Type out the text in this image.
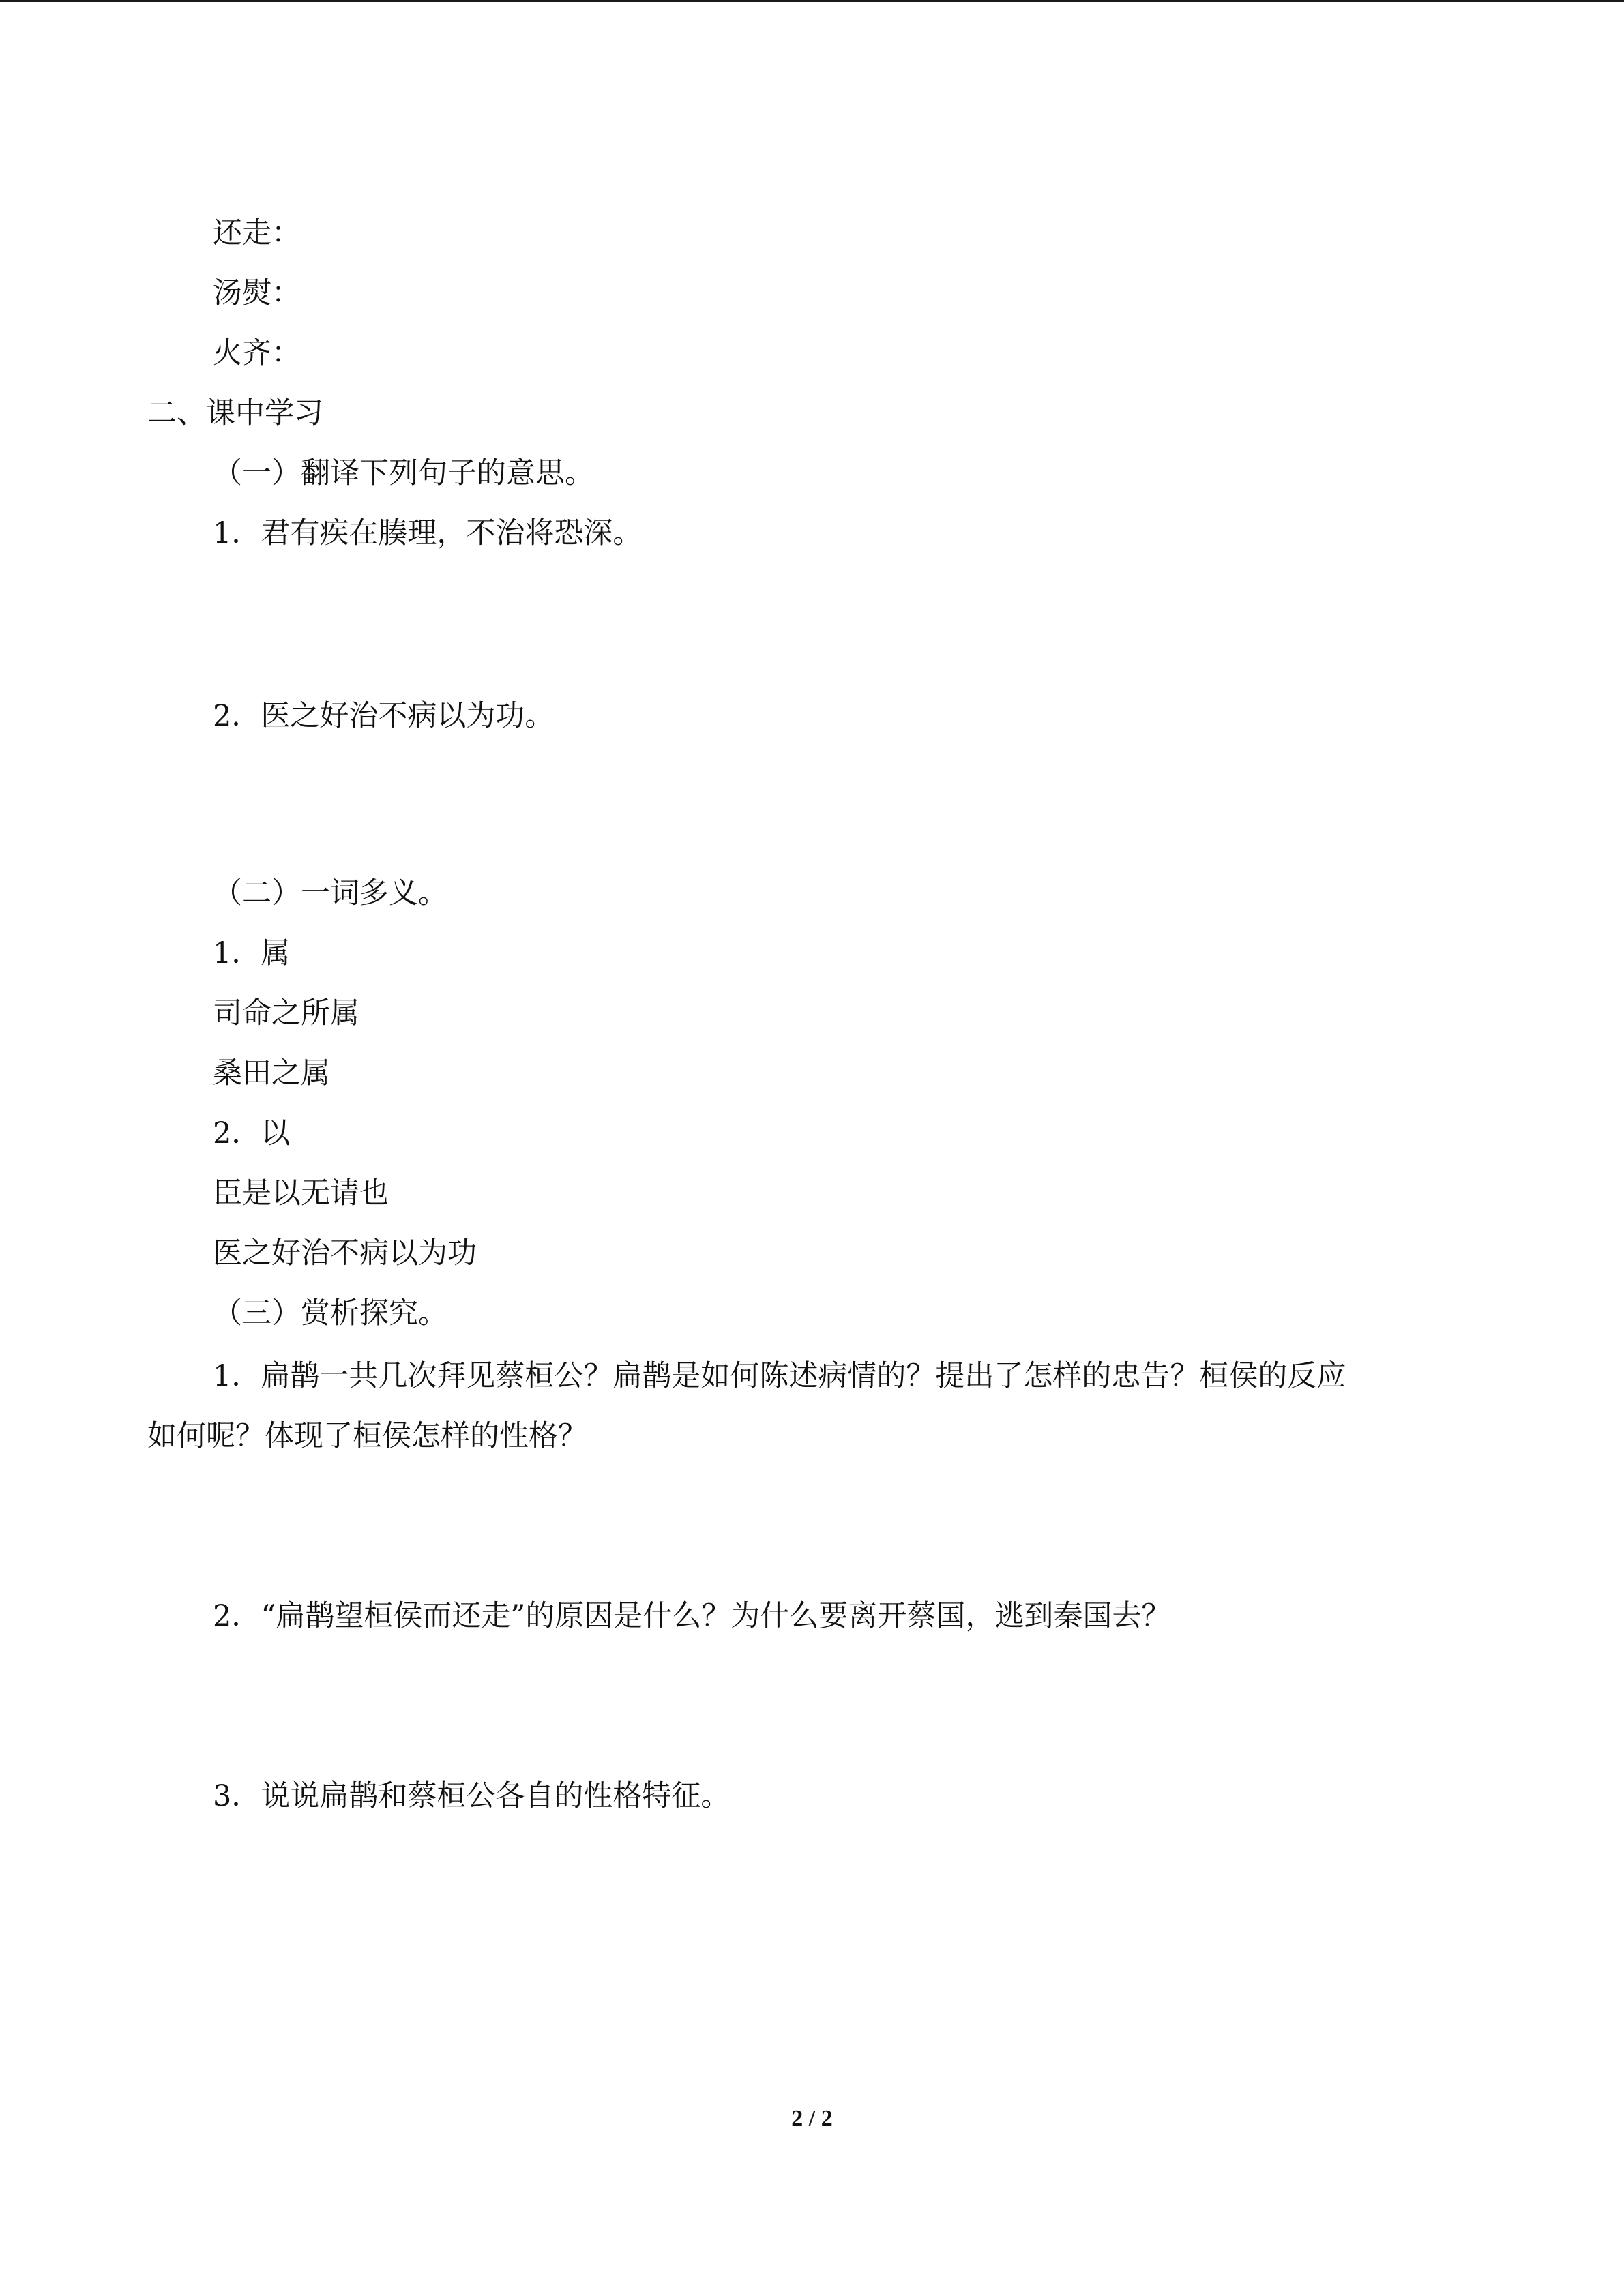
还走：
汤熨：
火齐：
二、课中学习
（一）翻译下列句子的意思。
1．君有疾在腠理，不治将恐深。
2．医之好治不病以为功。
（二）一词多义。
1．属
司命之所属
桑田之属
2．以
臣是以无请也
医之好治不病以为功
（三）赏析探究。
1．扁鹊一共几次拜见蔡桓公？扁鹊是如何陈述病情的？提出了怎样的忠告？桓侯的反应
如何呢？体现了桓侯怎样的性格？
2．“扁鹊望桓侯而还走”的原因是什么？为什么要离开蔡国，逃到秦国去？
3．说说扁鹊和蔡桓公各自的性格特征。
2 / 2
